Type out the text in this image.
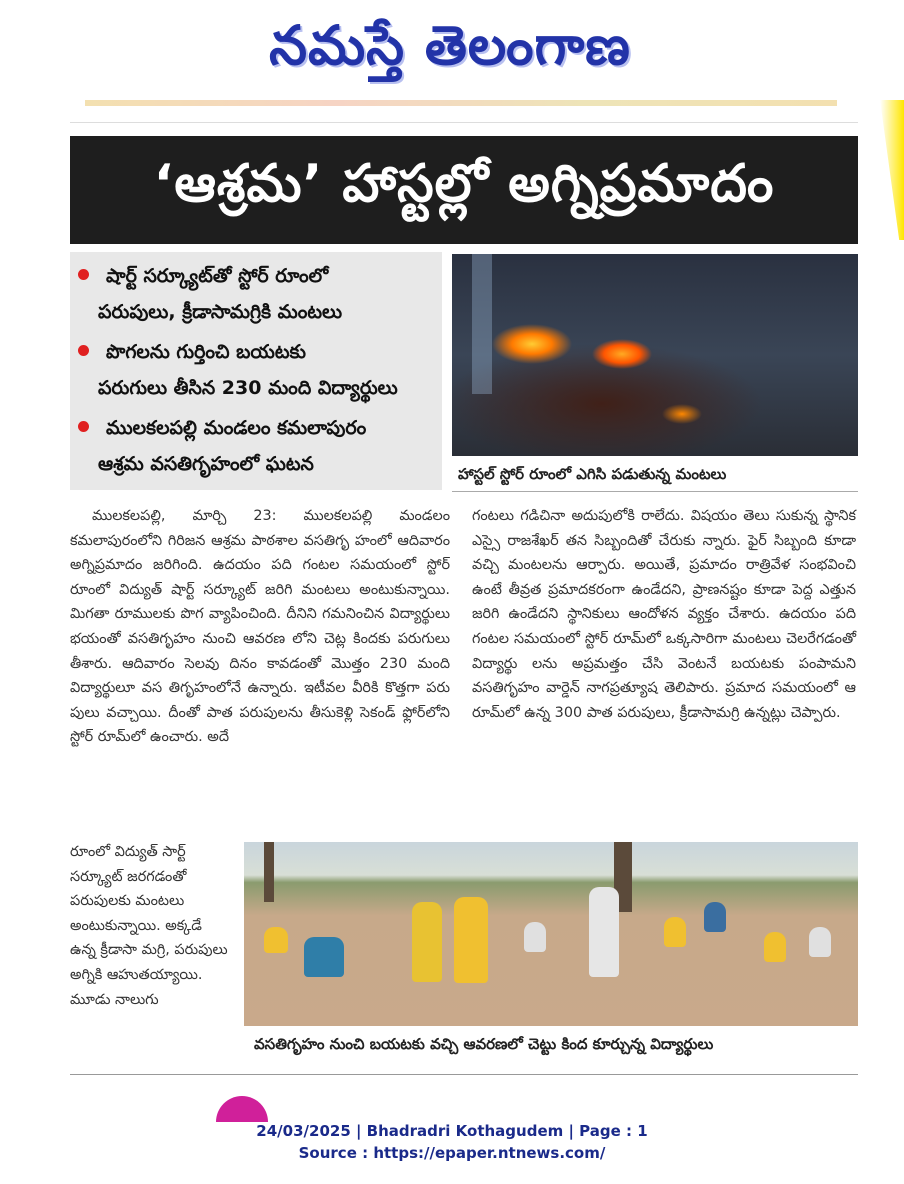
నమస్తే తెలంగాణ
‘ఆశ్రమ’ హాస్టల్లో అగ్నిప్రమాదం
షార్ట్ సర్క్యూట్‌తో స్టోర్ రూంలో
పరుపులు, క్రీడాసామగ్రికి మంటలు
పొగలను గుర్తించి బయటకు
పరుగులు తీసిన 230 మంది విద్యార్థులు
ములకలపల్లి మండలం కమలాపురం
ఆశ్రమ వసతిగృహంలో ఘటన	హాస్టల్ స్టోర్ రూంలో ఎగిసి పడుతున్న మంటలు

ములకలపల్లి, మార్చి 23: ములకలపల్లి మండలం కమలాపురంలోని గిరిజన ఆశ్రమ పాఠశాల వసతిగృ హంలో ఆదివారం అగ్నిప్రమాదం జరిగింది. ఉదయం పది గంటల సమయంలో స్టోర్ రూంలో విద్యుత్ షార్ట్ సర్క్యూట్ జరిగి మంటలు అంటుకున్నాయి. మిగతా రూములకు పొగ వ్యాపించింది. దీనిని గమనించిన విద్యార్థులు భయంతో వసతిగృహం నుంచి ఆవరణ లోని చెట్ల కిందకు పరుగులు తీశారు. ఆదివారం సెలవు దినం కావడంతో మొత్తం 230 మంది విద్యార్థులూ వస తిగృహంలోనే ఉన్నారు. ఇటీవల వీరికి కొత్తగా పరు పులు వచ్చాయి. దీంతో పాత పరుపులను తీసుకెళ్లి సెకండ్ ఫ్లోర్‌లోని స్టోర్ రూమ్‌లో ఉంచారు. అదే

గంటలు గడిచినా అదుపులోకి రాలేదు. విషయం తెలు సుకున్న స్థానిక ఎస్సై రాజశేఖర్ తన సిబ్బందితో చేరుకు న్నారు. ఫైర్ సిబ్బంది కూడా వచ్చి మంటలను ఆర్పారు. అయితే, ప్రమాదం రాత్రివేళ సంభవించి ఉంటే తీవ్రత ప్రమాదకరంగా ఉండేదని, ప్రాణనష్టం కూడా పెద్ద ఎత్తున జరిగి ఉండేదని స్థానికులు ఆందోళన వ్యక్తం చేశారు. ఉదయం పది గంటల సమయంలో స్టోర్ రూమ్‌లో ఒక్కసారిగా మంటలు చెలరేగడంతో విద్యార్థు లను అప్రమత్తం చేసి వెంటనే బయటకు పంపామని వసతిగృహం వార్డెన్ నాగప్రత్యూష తెలిపారు. ప్రమాద సమయంలో ఆ రూమ్‌లో ఉన్న 300 పాత పరుపులు, క్రీడాసామగ్రి ఉన్నట్లు చెప్పారు.

రూంలో విద్యుత్ సార్ట్ సర్క్యూట్ జరగడంతో పరుపులకు మంటలు అంటుకున్నాయి. అక్కడే ఉన్న క్రీడాసా మగ్రి, పరుపులు అగ్నికి ఆహుతయ్యాయి. మూడు నాలుగు

వసతిగృహం నుంచి బయటకు వచ్చి ఆవరణలో చెట్టు కింద కూర్చున్న విద్యార్థులు
24/03/2025 | Bhadradri Kothagudem | Page : 1
Source : https://epaper.ntnews.com/
